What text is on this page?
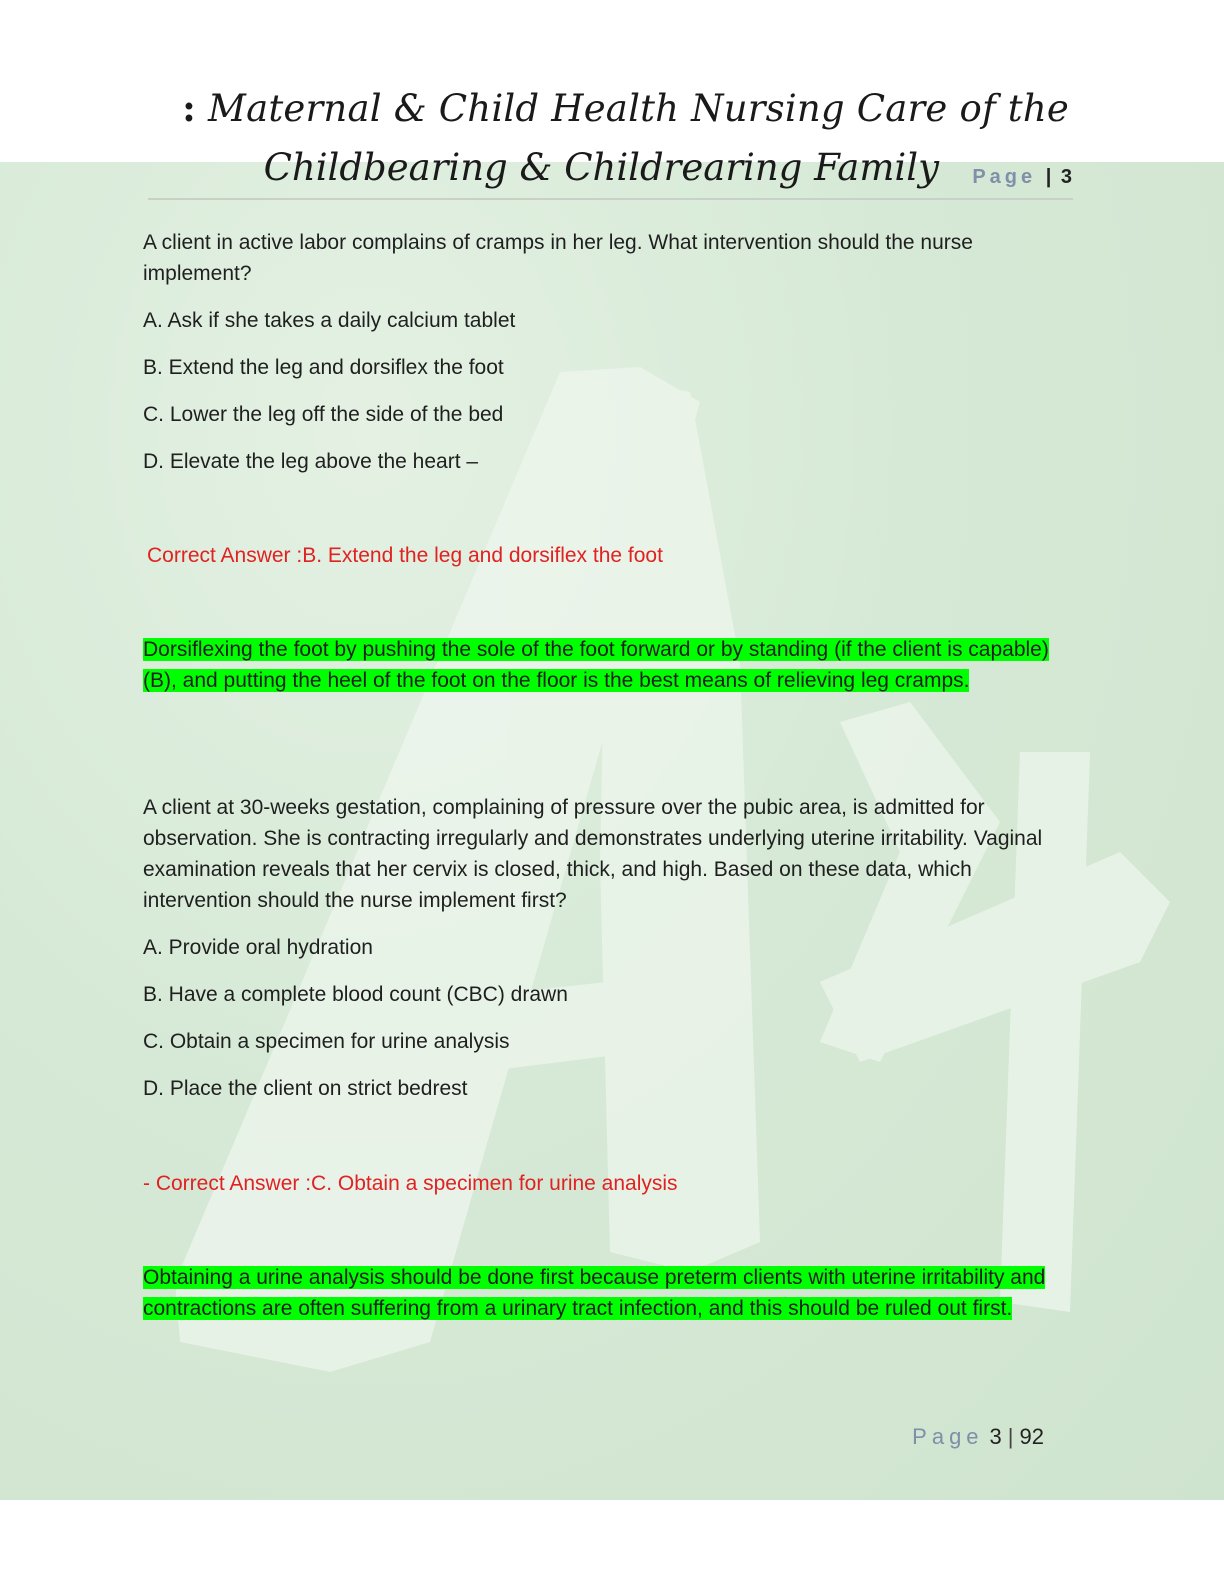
: Maternal & Child Health Nursing Care of the
Childbearing & Childrearing Family Page | 3

A client in active labor complains of cramps in her leg. What intervention should the nurse implement?

A. Ask if she takes a daily calcium tablet

B. Extend the leg and dorsiflex the foot

C. Lower the leg off the side of the bed

D. Elevate the leg above the heart –

Correct Answer :B. Extend the leg and dorsiflex the foot

Dorsiflexing the foot by pushing the sole of the foot forward or by standing (if the client is capable) (B), and putting the heel of the foot on the floor is the best means of relieving leg cramps.

A client at 30-weeks gestation, complaining of pressure over the pubic area, is admitted for observation. She is contracting irregularly and demonstrates underlying uterine irritability. Vaginal examination reveals that her cervix is closed, thick, and high. Based on these data, which intervention should the nurse implement first?

A. Provide oral hydration

B. Have a complete blood count (CBC) drawn

C. Obtain a specimen for urine analysis

D. Place the client on strict bedrest

- Correct Answer :C. Obtain a specimen for urine analysis

Obtaining a urine analysis should be done first because preterm clients with uterine irritability and contractions are often suffering from a urinary tract infection, and this should be ruled out first.

Page 3 | 92
